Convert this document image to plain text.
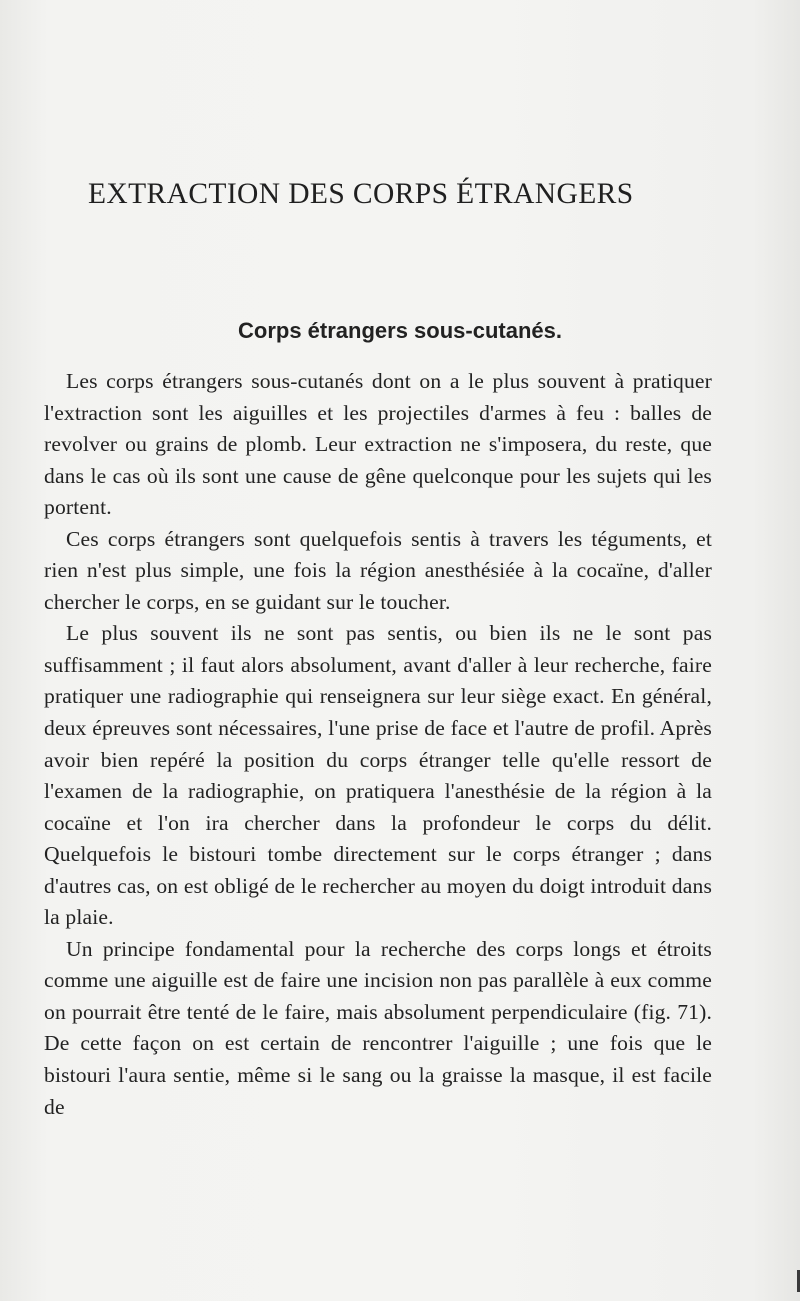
EXTRACTION DES CORPS ÉTRANGERS
Corps étrangers sous-cutanés.

Les corps étrangers sous-cutanés dont on a le plus souvent à pratiquer l'extraction sont les aiguilles et les projectiles d'armes à feu : balles de revolver ou grains de plomb. Leur extraction ne s'imposera, du reste, que dans le cas où ils sont une cause de gêne quelconque pour les sujets qui les portent.

Ces corps étrangers sont quelquefois sentis à travers les téguments, et rien n'est plus simple, une fois la région anesthésiée à la cocaïne, d'aller chercher le corps, en se guidant sur le toucher.

Le plus souvent ils ne sont pas sentis, ou bien ils ne le sont pas suffisamment ; il faut alors absolument, avant d'aller à leur recherche, faire pratiquer une radiographie qui renseignera sur leur siège exact. En général, deux épreuves sont nécessaires, l'une prise de face et l'autre de profil. Après avoir bien repéré la position du corps étranger telle qu'elle ressort de l'examen de la radiographie, on pratiquera l'anesthésie de la région à la cocaïne et l'on ira chercher dans la profondeur le corps du délit. Quelquefois le bistouri tombe directement sur le corps étranger ; dans d'autres cas, on est obligé de le rechercher au moyen du doigt introduit dans la plaie.

Un principe fondamental pour la recherche des corps longs et étroits comme une aiguille est de faire une incision non pas parallèle à eux comme on pourrait être tenté de le faire, mais absolument perpendiculaire (fig. 71). De cette façon on est certain de rencontrer l'aiguille ; une fois que le bistouri l'aura sentie, même si le sang ou la graisse la masque, il est facile de
